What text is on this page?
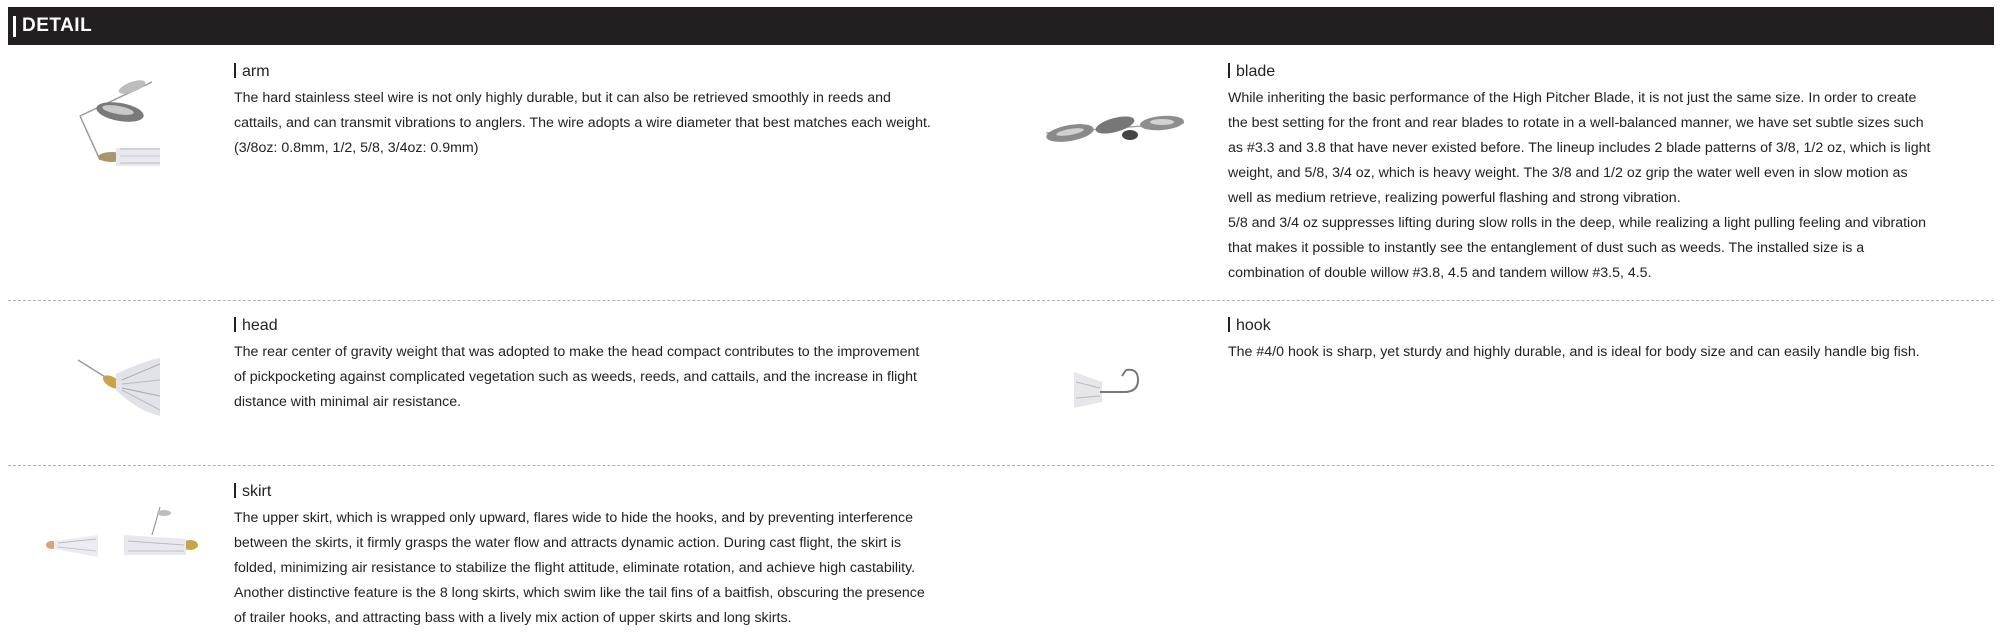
DETAIL
arm

The hard stainless steel wire is not only highly durable, but it can also be retrieved smoothly in reeds and

cattails, and can transmit vibrations to anglers. The wire adopts a wire diameter that best matches each weight.

(3/8oz: 0.8mm, 1/2, 5/8, 3/4oz: 0.9mm)

blade

While inheriting the basic performance of the High Pitcher Blade, it is not just the same size. In order to create

the best setting for the front and rear blades to rotate in a well-balanced manner, we have set subtle sizes such

as #3.3 and 3.8 that have never existed before. The lineup includes 2 blade patterns of 3/8, 1/2 oz, which is light

weight, and 5/8, 3/4 oz, which is heavy weight. The 3/8 and 1/2 oz grip the water well even in slow motion as

well as medium retrieve, realizing powerful flashing and strong vibration.

5/8 and 3/4 oz suppresses lifting during slow rolls in the deep, while realizing a light pulling feeling and vibration

that makes it possible to instantly see the entanglement of dust such as weeds. The installed size is a

combination of double willow #3.8, 4.5 and tandem willow #3.5, 4.5.

head

The rear center of gravity weight that was adopted to make the head compact contributes to the improvement

of pickpocketing against complicated vegetation such as weeds, reeds, and cattails, and the increase in flight

distance with minimal air resistance.

hook

The #4/0 hook is sharp, yet sturdy and highly durable, and is ideal for body size and can easily handle big fish.

skirt

The upper skirt, which is wrapped only upward, flares wide to hide the hooks, and by preventing interference

between the skirts, it firmly grasps the water flow and attracts dynamic action. During cast flight, the skirt is

folded, minimizing air resistance to stabilize the flight attitude, eliminate rotation, and achieve high castability.

Another distinctive feature is the 8 long skirts, which swim like the tail fins of a baitfish, obscuring the presence

of trailer hooks, and attracting bass with a lively mix action of upper skirts and long skirts.
